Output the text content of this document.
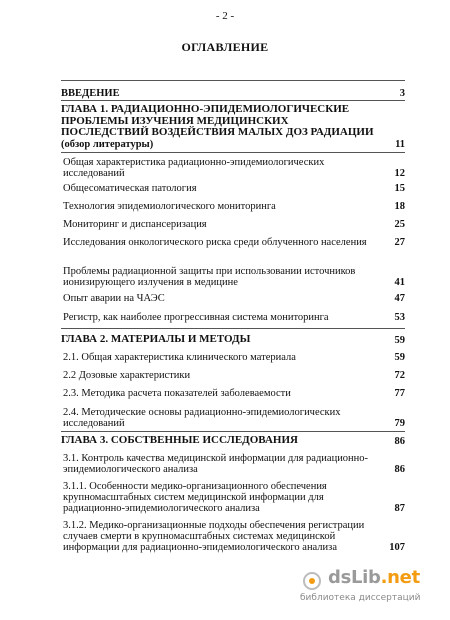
- 2 -
ОГЛАВЛЕНИЕ
ВВЕДЕНИЕ	3
ГЛАВА 1. РАДИАЦИОННО-ЭПИДЕМИОЛОГИЧЕСКИЕ ПРОБЛЕМЫ ИЗУЧЕНИЯ МЕДИЦИНСКИХ ПОСЛЕДСТВИЙ ВОЗДЕЙСТВИЯ МАЛЫХ ДОЗ РАДИАЦИИ
(обзор литературы)	11
Общая характеристика радиационно-эпидемиологических исследований	12
Общесоматическая патология	15
Технология эпидемиологического мониторинга	18
Мониторинг и диспансеризация	25
Исследования онкологического риска среди облученного населения	27
Проблемы радиационной защиты при использовании источников ионизирующего излучения в медицине	41
Опыт аварии на ЧАЭС	47
Регистр, как наиболее прогрессивная система мониторинга	53
ГЛАВА 2. МАТЕРИАЛЫ И МЕТОДЫ	59
2.1. Общая характеристика клинического материала	59
2.2 Дозовые характеристики	72
2.3. Методика расчета показателей заболеваемости	77
2.4. Методические основы радиационно-эпидемиологических исследований	79
ГЛАВА 3. СОБСТВЕННЫЕ ИССЛЕДОВАНИЯ	86
3.1. Контроль качества медицинской информации для радиационно-эпидемиологического анализа	86
3.1.1. Особенности медико-организационного обеспечения крупномасштабных систем медицинской информации для радиационно-эпидемиологического анализа	87
3.1.2. Медико-организационные подходы обеспечения регистрации случаев смерти в крупномасштабных системах медицинской информации для радиационно-эпидемиологического анализа	107
dsLib.net
библиотека диссертаций
